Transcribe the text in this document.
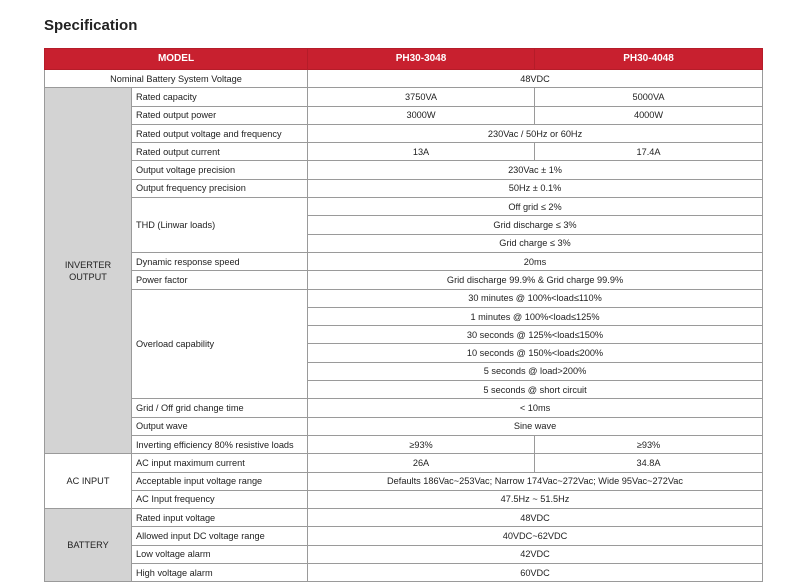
Specification
MODEL		PH30-3048	PH30-4048
Nominal Battery System Voltage		48VDC	
INVERTER OUTPUT	Rated capacity	3750VA	5000VA
	Rated output power	3000W	4000W
	Rated output voltage and frequency	230Vac / 50Hz or 60Hz	
	Rated output current	13A	17.4A
	Output voltage precision	230Vac ± 1%	
	Output frequency precision	50Hz ± 0.1%	
	THD (Linwar loads)	Off grid ≤ 2%	
		Grid discharge ≤ 3%	
		Grid charge ≤ 3%	
	Dynamic response speed	20ms	
	Power factor	Grid discharge 99.9% & Grid charge 99.9%	
	Overload capability	30 minutes @ 100%<load≤110%	
		1 minutes @ 100%<load≤125%	
		30 seconds @ 125%<load≤150%	
		10 seconds @ 150%<load≤200%	
		5 seconds @ load>200%	
		5 seconds @ short circuit	
	Grid / Off grid change time	< 10ms	
	Output wave	Sine wave	
	Inverting efficiency 80% resistive loads	≥93%	≥93%
AC INPUT	AC input maximum current	26A	34.8A
	Acceptable input voltage range	Defaults 186Vac~253Vac; Narrow 174Vac~272Vac; Wide 95Vac~272Vac	
	AC Input frequency	47.5Hz ~ 51.5Hz	
BATTERY	Rated input voltage	48VDC	
	Allowed input DC voltage range	40VDC~62VDC	
	Low voltage alarm	42VDC	
	High voltage alarm	60VDC	
